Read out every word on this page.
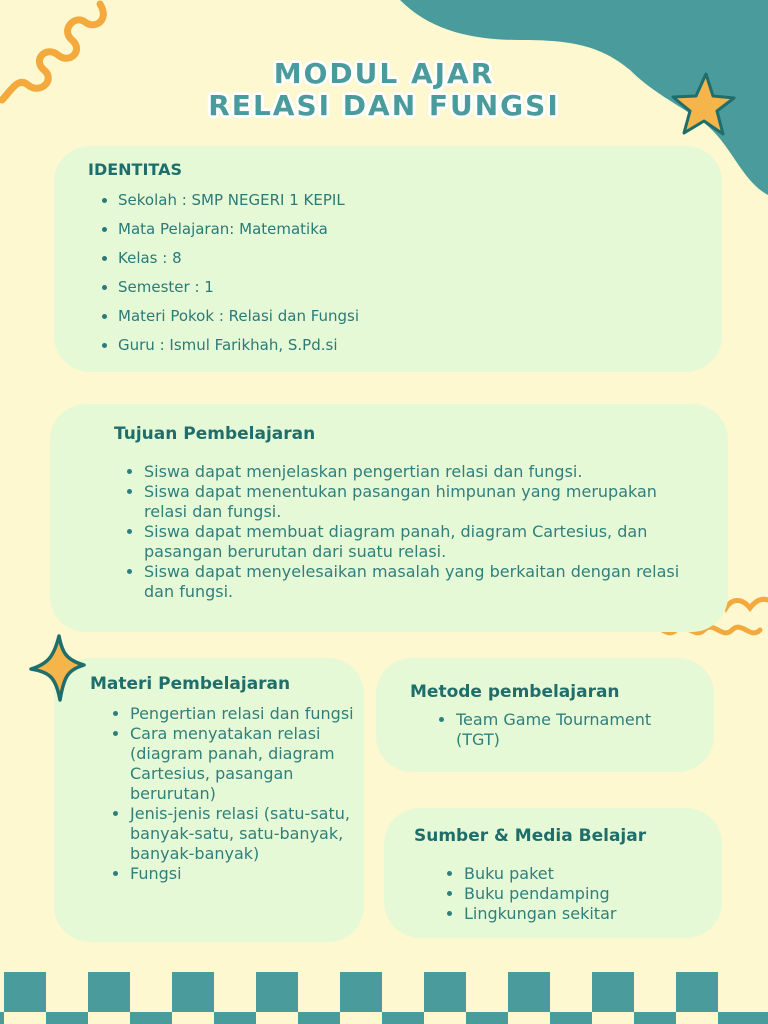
MODUL AJAR
RELASI DAN FUNGSI
IDENTITAS
• Sekolah : SMP NEGERI 1 KEPIL
• Mata Pelajaran: Matematika
• Kelas : 8
• Semester : 1
• Materi Pokok : Relasi dan Fungsi
• Guru : Ismul Farikhah, S.Pd.si
Tujuan Pembelajaran
• Siswa dapat menjelaskan pengertian relasi dan fungsi.
• Siswa dapat menentukan pasangan himpunan yang merupakan relasi dan fungsi.
• Siswa dapat membuat diagram panah, diagram Cartesius, dan pasangan berurutan dari suatu relasi.
• Siswa dapat menyelesaikan masalah yang berkaitan dengan relasi dan fungsi.
Materi Pembelajaran
• Pengertian relasi dan fungsi
• Cara menyatakan relasi (diagram panah, diagram Cartesius, pasangan berurutan)
• Jenis-jenis relasi (satu-satu, banyak-satu, satu-banyak, banyak-banyak)
• Fungsi
Metode pembelajaran
• Team Game Tournament (TGT)
Sumber & Media Belajar
• Buku paket
• Buku pendamping
• Lingkungan sekitar
